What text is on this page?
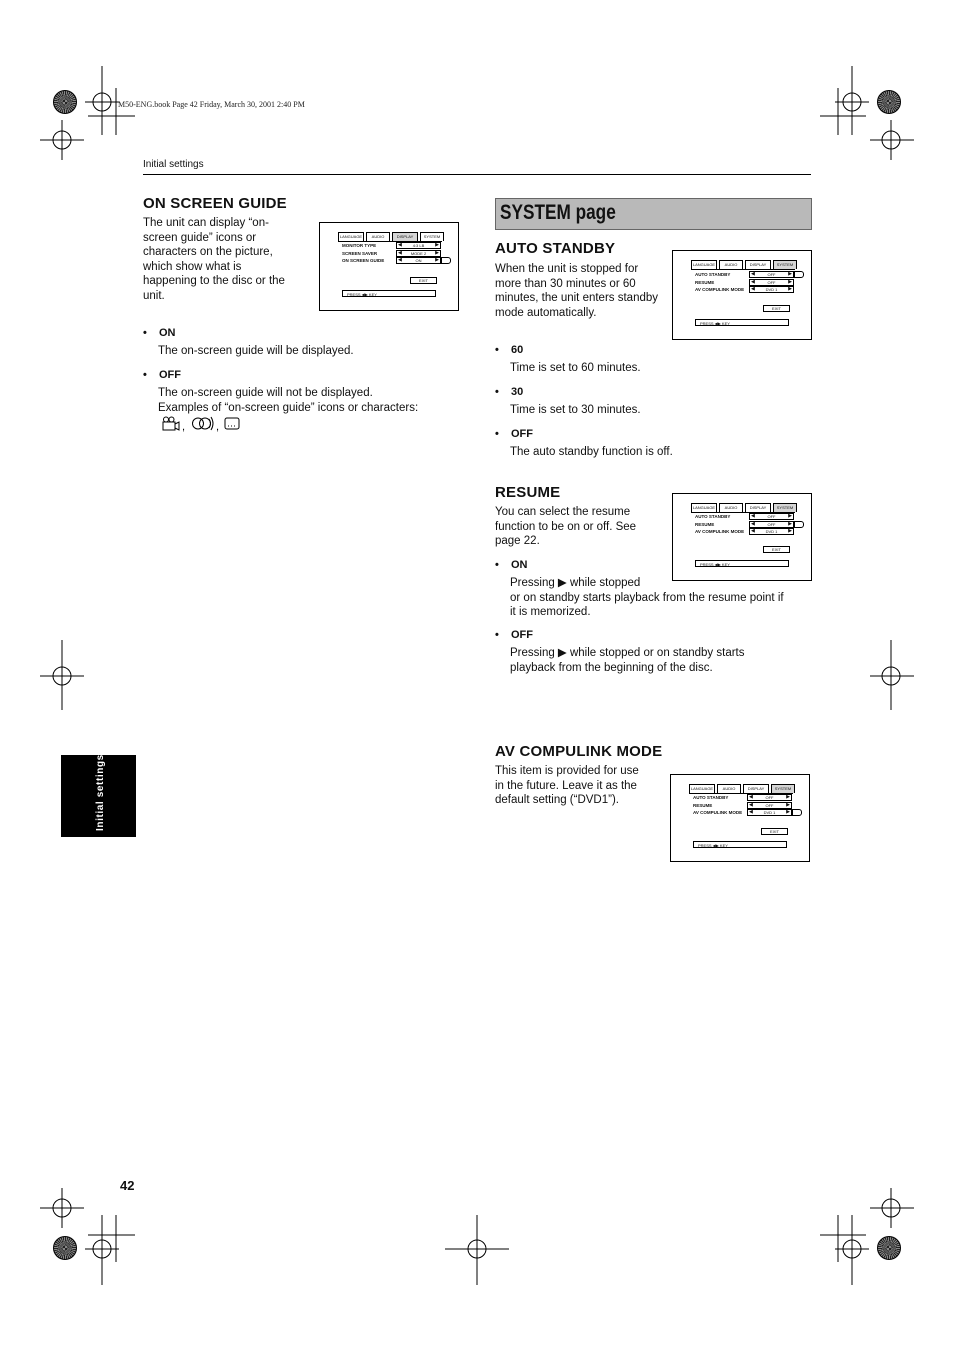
M50-ENG.book Page 42 Friday, March 30, 2001 2:40 PM
Initial settings
Initial settings
42
ON SCREEN GUIDE
The unit can display “on-
screen guide” icons or
characters on the picture,
which show what is
happening to the disc or the
unit.
LANGUAGE	AUDIO	DISPLAY	SYSTEM
MONITOR TYPE	◀	4:3 LB ▶
SCREEN SAVER	◀ MODE 2 ▶
ON SCREEN GUIDE	◀	ON	▶
EXIT
PRESS ◀▶ KEY
• ON
The on-screen guide will be displayed.
• OFF
The on-screen guide will not be displayed.
Examples of “on-screen guide” icons or characters:
,	,
SYSTEM page
AUTO STANDBY
When the unit is stopped for
more than 30 minutes or 60
minutes, the unit enters standby
mode automatically.
LANGUAGE	AUDIO	DISPLAY	SYSTEM
AUTO STANDBY	◀	OFF	▶
RESUME	◀	OFF	▶
AV COMPULINK MODE ◀	DVD 1 ▶
EXIT
PRESS ◀▶ KEY
• 60
Time is set to 60 minutes.
• 30
Time is set to 30 minutes.
• OFF
The auto standby function is off.
RESUME
You can select the resume
function to be on or off. See
page 22.
LANGUAGE	AUDIO	DISPLAY	SYSTEM
AUTO STANDBY	◀	OFF	▶
RESUME	◀	OFF	▶
AV COMPULINK MODE ◀	DVD 1 ▶
EXIT
PRESS ◀▶ KEY
• ON
Pressing ▶ while stopped
or on standby starts playback from the resume point if
it is memorized.
• OFF
Pressing ▶ while stopped or on standby starts
playback from the beginning of the disc.
AV COMPULINK MODE
This item is provided for use
in the future. Leave it as the
default setting (“DVD1”).
LANGUAGE	AUDIO	DISPLAY	SYSTEM
AUTO STANDBY	◀	OFF	▶
RESUME	◀	OFF	▶
AV COMPULINK MODE ◀	DVD 1 ▶
EXIT
PRESS ◀▶ KEY
